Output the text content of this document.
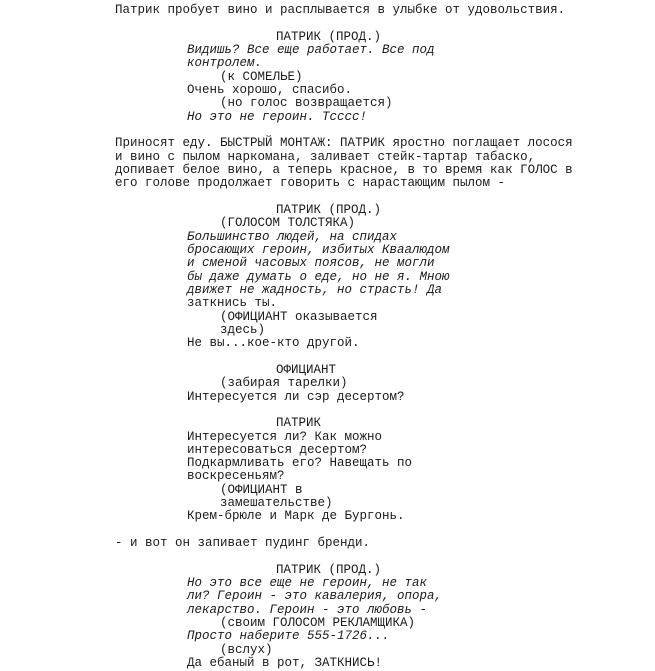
Патрик пробует вино и расплывается в улыбке от удовольствия.

ПАТРИК (ПРОД.)
Видишь? Все еще работает. Все под
контролем.
(к СОМЕЛЬЕ)
Очень хорошо, спасибо.
(но голос возвращается)
Но это не героин. Тсссс!

Приносят еду. БЫСТРЫЙ МОНТАЖ: ПАТРИК яростно поглащает лосося
и вино с пылом наркомана, заливает стейк-тартар табаско,
допивает белое вино, а теперь красное, в то время как ГОЛОС в
его голове продолжает говорить с нарастающим пылом -

ПАТРИК (ПРОД.)
(ГОЛОСОМ ТОЛСТЯКА)
Большинство людей, на спидах
бросающих героин, избитых Кваалюдом
и сменой часовых поясов, не могли
бы даже думать о еде, но не я. Мною
движет не жадность, но страсть! Да
заткнись ты.
(ОФИЦИАНТ оказывается
здесь)
Не вы...кое-кто другой.

ОФИЦИАНТ
(забирая тарелки)
Интересуется ли сэр десертом?

ПАТРИК
Интересуется ли? Как можно
интересоваться десертом?
Подкармливать его? Навещать по
воскресеньям?
(ОФИЦИАНТ в
замешательстве)
Крем-брюле и Марк де Бургонь.

- и вот он запивает пудинг бренди.

ПАТРИК (ПРОД.)
Но это все еще не героин, не так
ли? Героин - это кавалерия, опора,
лекарство. Героин - это любовь -
(своим ГОЛОСОМ РЕКЛАМЩИКА)
Просто наберите 555-1726...
(вслух)
Да ебаный в рот, ЗАТКНИСЬ!
